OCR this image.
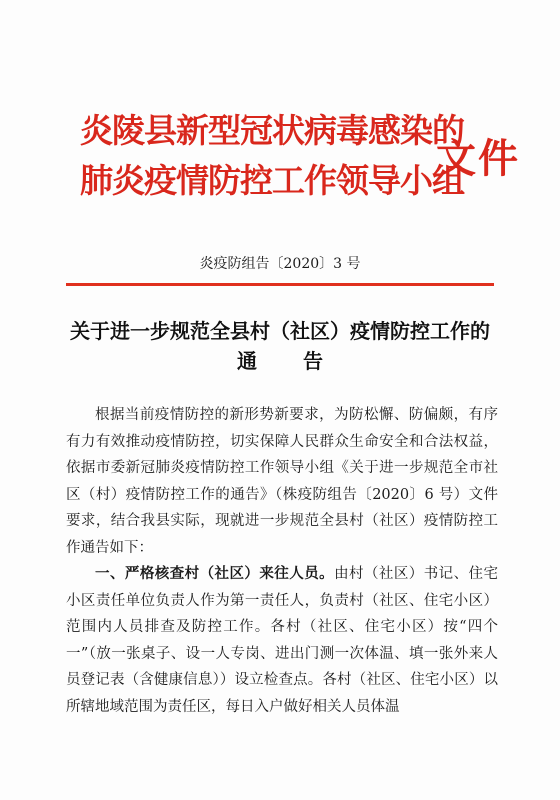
炎陵县新型冠状病毒感染的
肺炎疫情防控工作领导小组
文件
炎疫防组告〔2020〕3 号
关于进一步规范全县村（社区）疫情防控工作的
通告

根据当前疫情防控的新形势新要求，为防松懈、防偏颇，有序有力有效推动疫情防控，切实保障人民群众生命安全和合法权益，依据市委新冠肺炎疫情防控工作领导小组《关于进一步规范全市社区（村）疫情防控工作的通告》（株疫防组告〔2020〕6 号）文件要求，结合我县实际，现就进一步规范全县村（社区）疫情防控工作通告如下：

一、严格核查村（社区）来往人员。由村（社区）书记、住宅小区责任单位负责人作为第一责任人，负责村（社区、住宅小区）范围内人员排查及防控工作。各村（社区、住宅小区）按“四个一”（放一张桌子、设一人专岗、进出门测一次体温、填一张外来人员登记表（含健康信息））设立检查点。各村（社区、住宅小区）以所辖地域范围为责任区，每日入户做好相关人员体温
